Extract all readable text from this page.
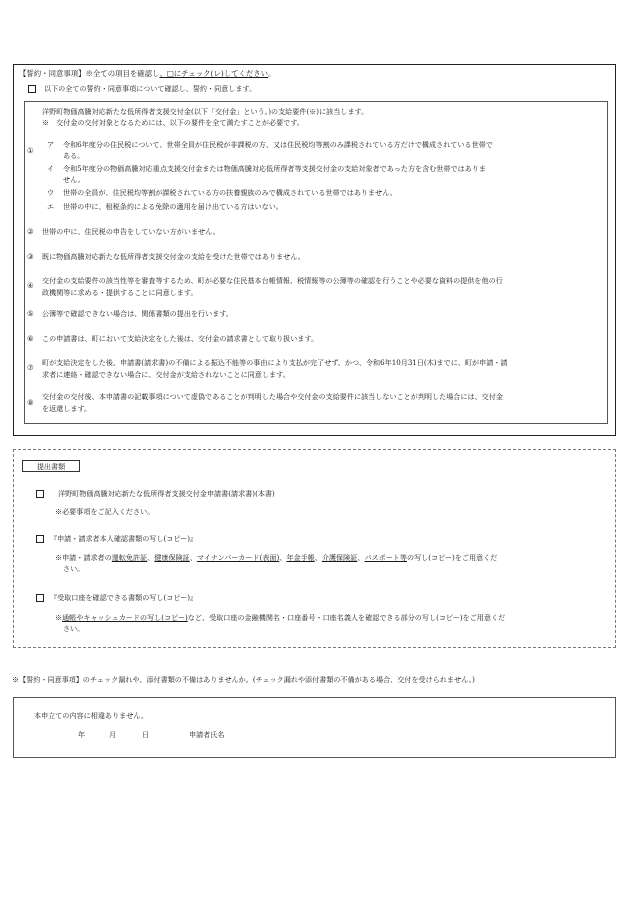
【誓約・同意事項】※全ての項目を確認し、□にチェック(レ)してください。
以下の全ての誓約・同意事項について確認し、誓約・同意します。
洋野町物価高騰対応新たな低所得者支援交付金(以下「交付金」という。)の支給要件(※)に該当します。
※　交付金の交付対象となるためには、以下の要件を全て満たすことが必要です。
①
ア 令和6年度分の住民税について、世帯全員が住民税が非課税の方、又は住民税均等割のみ課税されている方だけで構成されている世帯で
ある。
イ 令和5年度分の物価高騰対応重点支援交付金または物価高騰対応低所得者等支援交付金の支給対象者であった方を含む世帯ではありま
せん。
ウ 世帯の全員が、住民税均等割が課税されている方の扶養親族のみで構成されている世帯ではありません。
エ 世帯の中に、租税条約による免除の適用を届け出ている方はいない。
② 世帯の中に、住民税の申告をしていない方がいません。
③ 既に物価高騰対応新たな低所得者支援交付金の支給を受けた世帯ではありません。
④
交付金の支給要件の該当性等を審査等するため、町が必要な住民基本台帳情報、税情報等の公簿等の確認を行うことや必要な資料の提供を他の行
政機関等に求める・提供することに同意します。
⑤ 公簿等で確認できない場合は、関係書類の提出を行います。
⑥ この申請書は、町において支給決定をした後は、交付金の請求書として取り扱います。
⑦
町が支給決定をした後、申請書(請求書)の不備による振込不能等の事由により支払が完了せず、かつ、令和6年10月31日(木)までに、町が申請・請
求者に連絡・確認できない場合に、交付金が支給されないことに同意します。
⑧
交付金の交付後、本申請書の記載事項について虚偽であることが判明した場合や交付金の支給要件に該当しないことが判明した場合には、交付金
を返還します。
提出書類
洋野町物価高騰対応新たな低所得者支援交付金申請書(請求書)(本書)
※必要事項をご記入ください。
『申請・請求者本人確認書類の写し(コピー)』
※申請・請求者の運転免許証、健康保険証、マイナンバーカード(表面)、年金手帳、介護保険証、パスポート等の写し(コピー)をご用意くだ
さい。
『受取口座を確認できる書類の写し(コピー)』
※通帳やキャッシュカードの写し(コピー)など、受取口座の金融機関名・口座番号・口座名義人を確認できる部分の写し(コピー)をご用意くだ
さい。
※【誓約・同意事項】のチェック漏れや、添付書類の不備はありませんか。(チェック漏れや添付書類の不備がある場合、交付を受けられません。)
本申立ての内容に相違ありません。
年	月	日	申請者氏名
